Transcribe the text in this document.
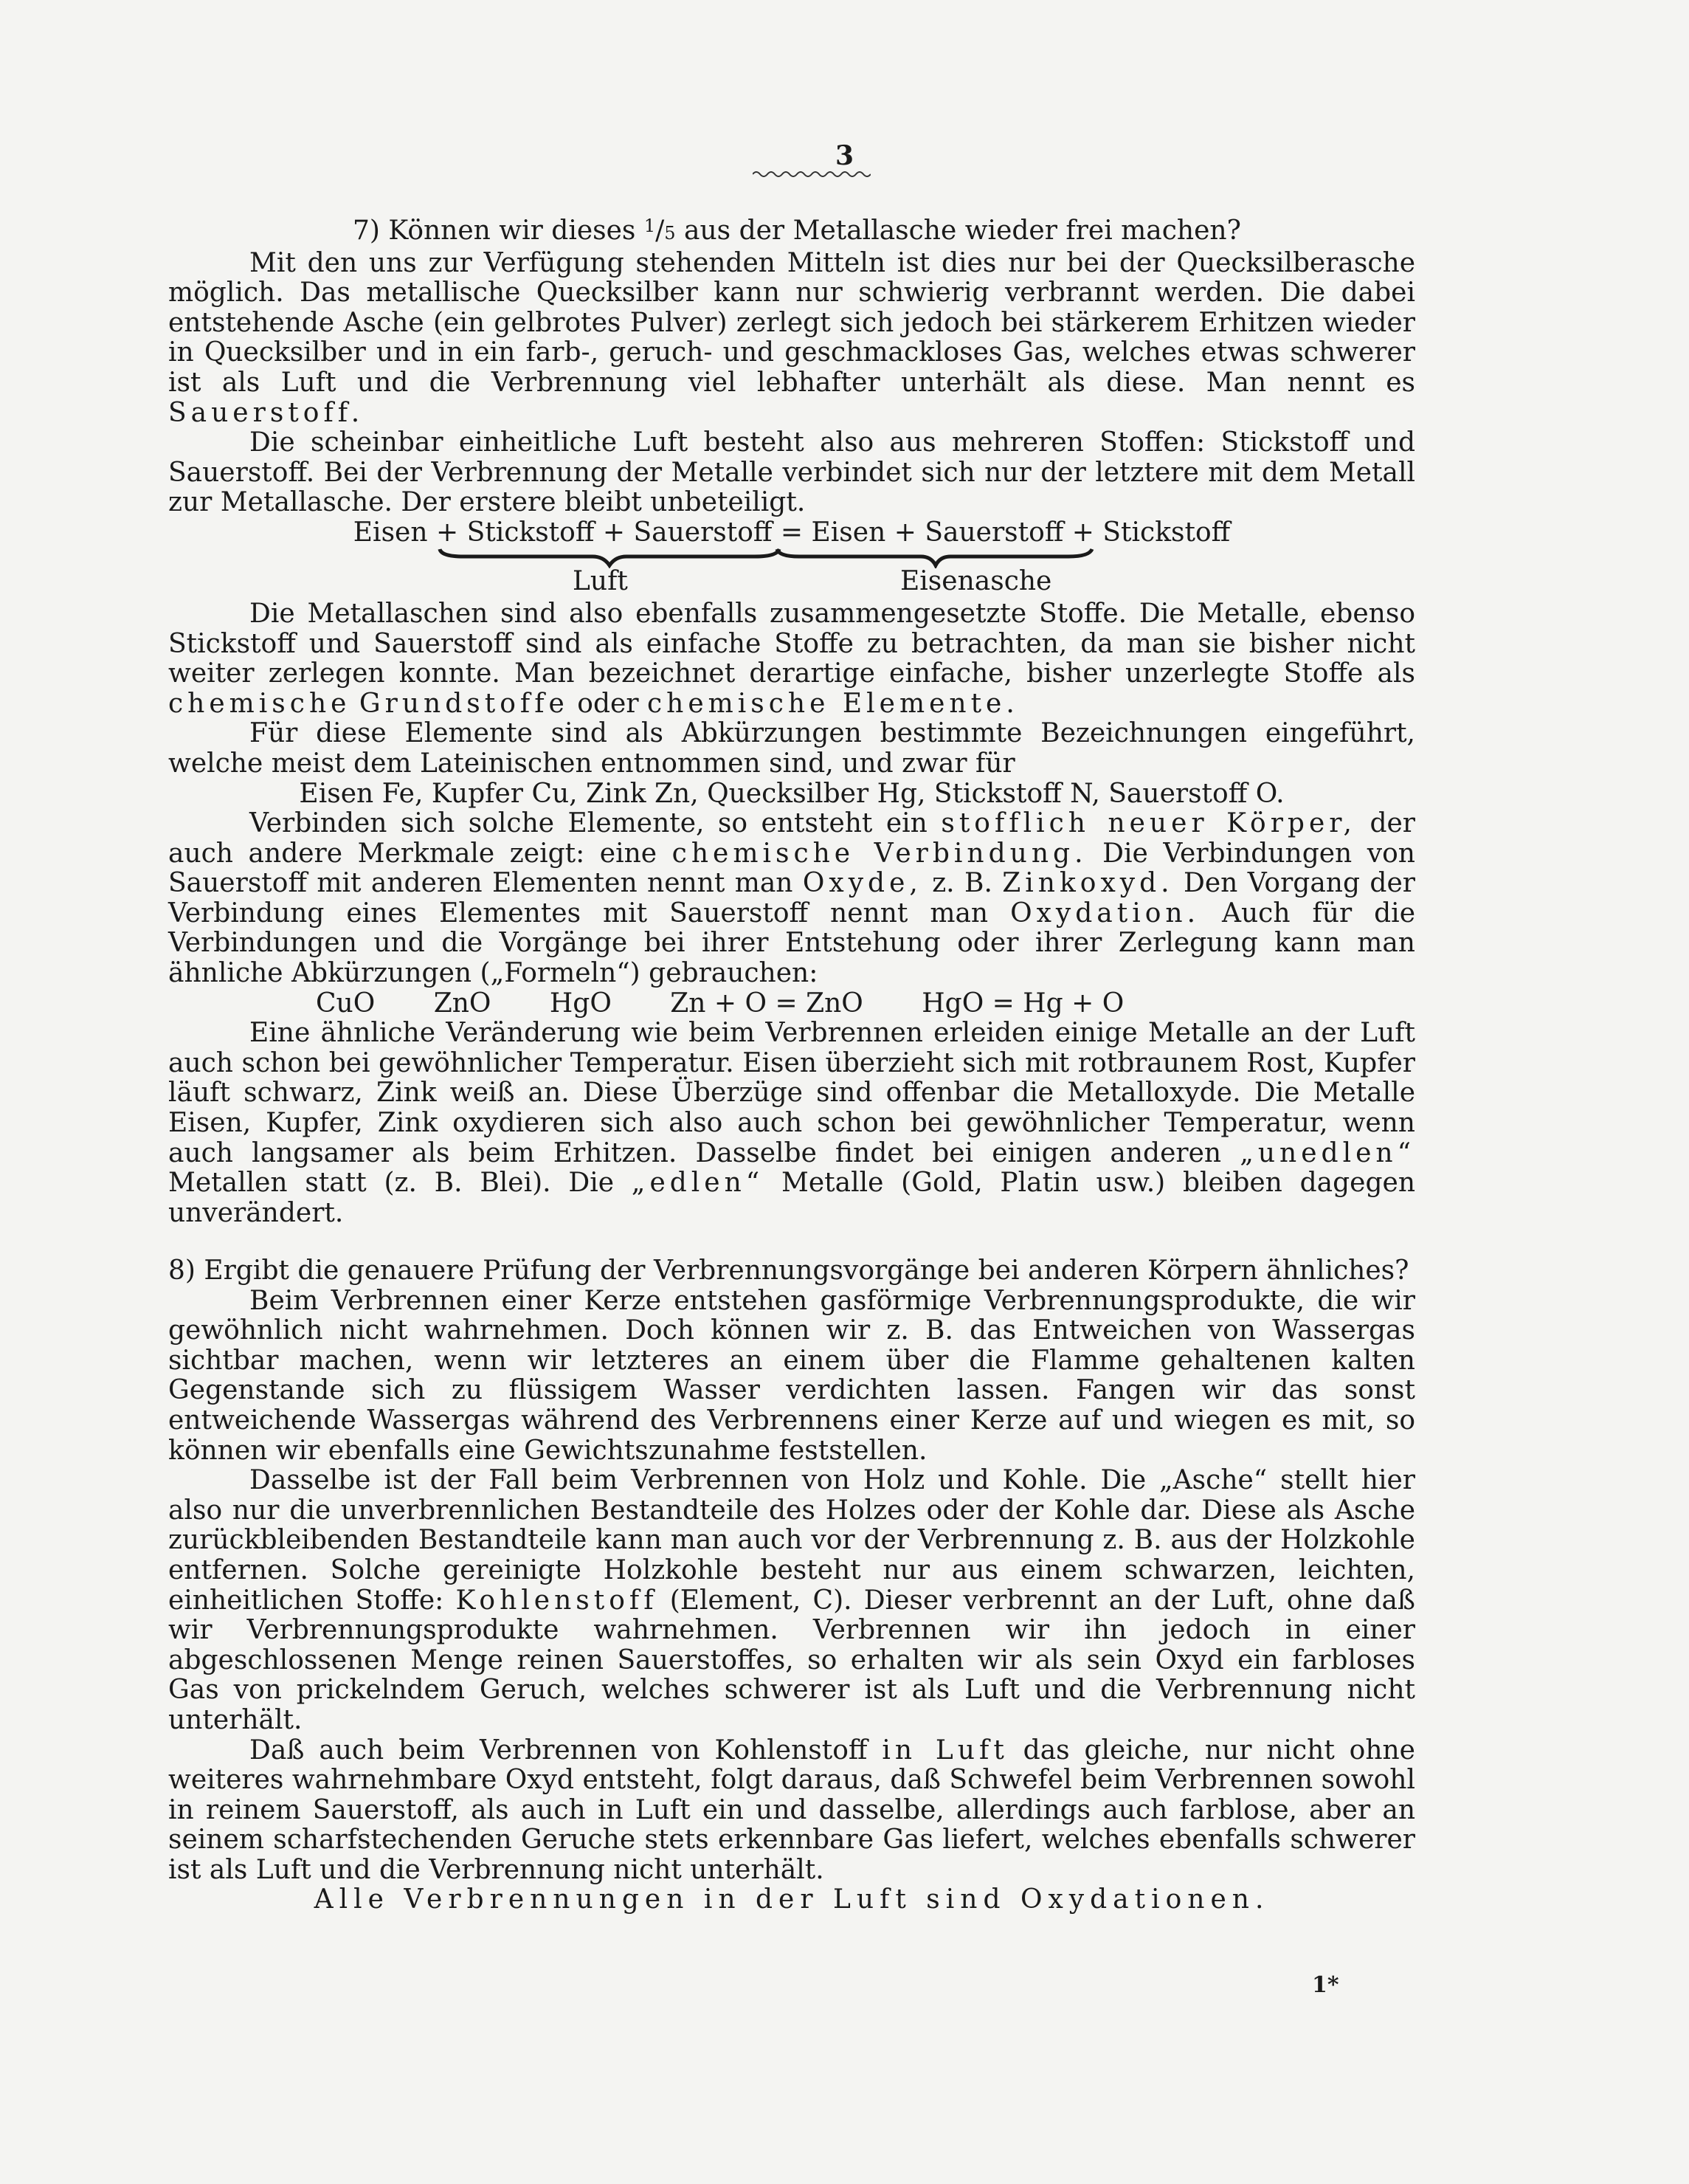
3

7) Können wir dieses $^1$/5 aus der Metallasche wieder frei machen?

Mit den uns zur Verfügung stehenden Mitteln ist dies nur bei der Quecksilberasche möglich. Das metallische Quecksilber kann nur schwierig verbrannt werden. Die dabei entstehende Asche (ein gelbrotes Pulver) zerlegt sich jedoch bei stärkerem Erhitzen wieder in Quecksilber und in ein farb-, geruch- und geschmackloses Gas, welches etwas schwerer ist als Luft und die Verbrennung viel lebhafter unterhält als diese. Man nennt es Sauerstoff.

Die scheinbar einheitliche Luft besteht also aus mehreren Stoffen: Stickstoff und Sauerstoff. Bei der Verbrennung der Metalle verbindet sich nur der letztere mit dem Metall zur Metallasche. Der erstere bleibt unbeteiligt.

Eisen + Stickstoff + Sauerstoff = Eisen + Sauerstoff + Stickstoff
Luft	Eisenasche

Die Metallaschen sind also ebenfalls zusammengesetzte Stoffe. Die Metalle, ebenso Stickstoff und Sauerstoff sind als einfache Stoffe zu betrachten, da man sie bisher nicht weiter zerlegen konnte. Man bezeichnet derartige einfache, bisher unzerlegte Stoffe als chemische Grundstoffe oder chemische Elemente.

Für diese Elemente sind als Abkürzungen bestimmte Bezeichnungen eingeführt, welche meist dem Lateinischen entnommen sind, und zwar für

Eisen Fe, Kupfer Cu, Zink Zn, Quecksilber Hg, Stickstoff N, Sauerstoff O.

Verbinden sich solche Elemente, so entsteht ein stofflich neuer Körper, der auch andere Merkmale zeigt: eine chemische Verbindung. Die Verbindungen von Sauerstoff mit anderen Elementen nennt man Oxyde, z. B. Zinkoxyd. Den Vorgang der Verbindung eines Elementes mit Sauerstoff nennt man Oxydation. Auch für die Verbindungen und die Vorgänge bei ihrer Entstehung oder ihrer Zerlegung kann man ähnliche Abkürzungen („Formeln“) gebrauchen:

CuO ZnO HgO Zn + O = ZnO HgO = Hg + O

Eine ähnliche Veränderung wie beim Verbrennen erleiden einige Metalle an der Luft auch schon bei gewöhnlicher Temperatur. Eisen überzieht sich mit rotbraunem Rost, Kupfer läuft schwarz, Zink weiß an. Diese Überzüge sind offenbar die Metalloxyde. Die Metalle Eisen, Kupfer, Zink oxydieren sich also auch schon bei gewöhnlicher Temperatur, wenn auch langsamer als beim Erhitzen. Dasselbe findet bei einigen anderen „unedlen“ Metallen statt (z. B. Blei). Die „edlen“ Metalle (Gold, Platin usw.) bleiben dagegen unverändert.

8) Ergibt die genauere Prüfung der Verbrennungsvorgänge bei anderen Körpern ähnliches?

Beim Verbrennen einer Kerze entstehen gasförmige Verbrennungsprodukte, die wir gewöhnlich nicht wahrnehmen. Doch können wir z. B. das Entweichen von Wassergas sichtbar machen, wenn wir letzteres an einem über die Flamme gehaltenen kalten Gegenstande sich zu flüssigem Wasser verdichten lassen. Fangen wir das sonst entweichende Wassergas während des Verbrennens einer Kerze auf und wiegen es mit, so können wir ebenfalls eine Gewichtszunahme feststellen.

Dasselbe ist der Fall beim Verbrennen von Holz und Kohle. Die „Asche“ stellt hier also nur die unverbrennlichen Bestandteile des Holzes oder der Kohle dar. Diese als Asche zurückbleibenden Bestandteile kann man auch vor der Verbrennung z. B. aus der Holzkohle entfernen. Solche gereinigte Holzkohle besteht nur aus einem schwarzen, leichten, einheitlichen Stoffe: Kohlenstoff (Element, C). Dieser verbrennt an der Luft, ohne daß wir Verbrennungsprodukte wahrnehmen. Verbrennen wir ihn jedoch in einer abgeschlossenen Menge reinen Sauerstoffes, so erhalten wir als sein Oxyd ein farbloses Gas von prickelndem Geruch, welches schwerer ist als Luft und die Verbrennung nicht unterhält.

Daß auch beim Verbrennen von Kohlenstoff in Luft das gleiche, nur nicht ohne weiteres wahrnehmbare Oxyd entsteht, folgt daraus, daß Schwefel beim Verbrennen sowohl in reinem Sauerstoff, als auch in Luft ein und dasselbe, allerdings auch farblose, aber an seinem scharfstechenden Geruche stets erkennbare Gas liefert, welches ebenfalls schwerer ist als Luft und die Verbrennung nicht unterhält.

Alle Verbrennungen in der Luft sind Oxydationen.

1*
